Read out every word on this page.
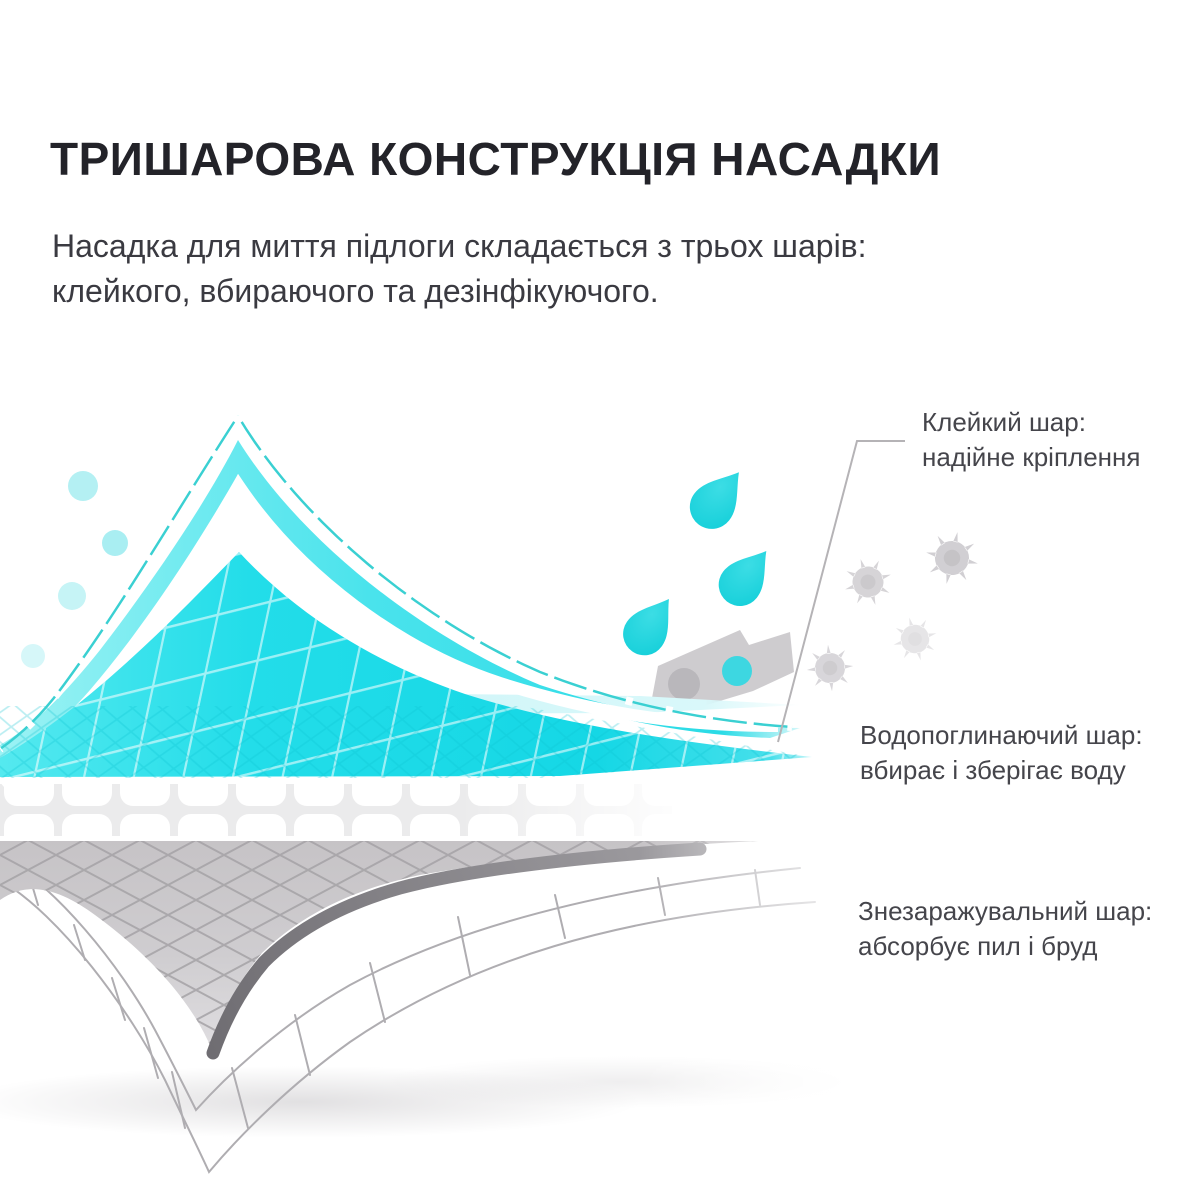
ТРИШАРОВА КОНСТРУКЦІЯ НАСАДКИ
Насадка для миття підлоги складається з трьох шарів:
клейкого, вбираючого та дезінфікуючого.
Клейкий шар:
надійне кріплення
Водопоглинаючий шар:
вбирає і зберігає воду
Знезаражувальний шар:
абсорбує пил і бруд
